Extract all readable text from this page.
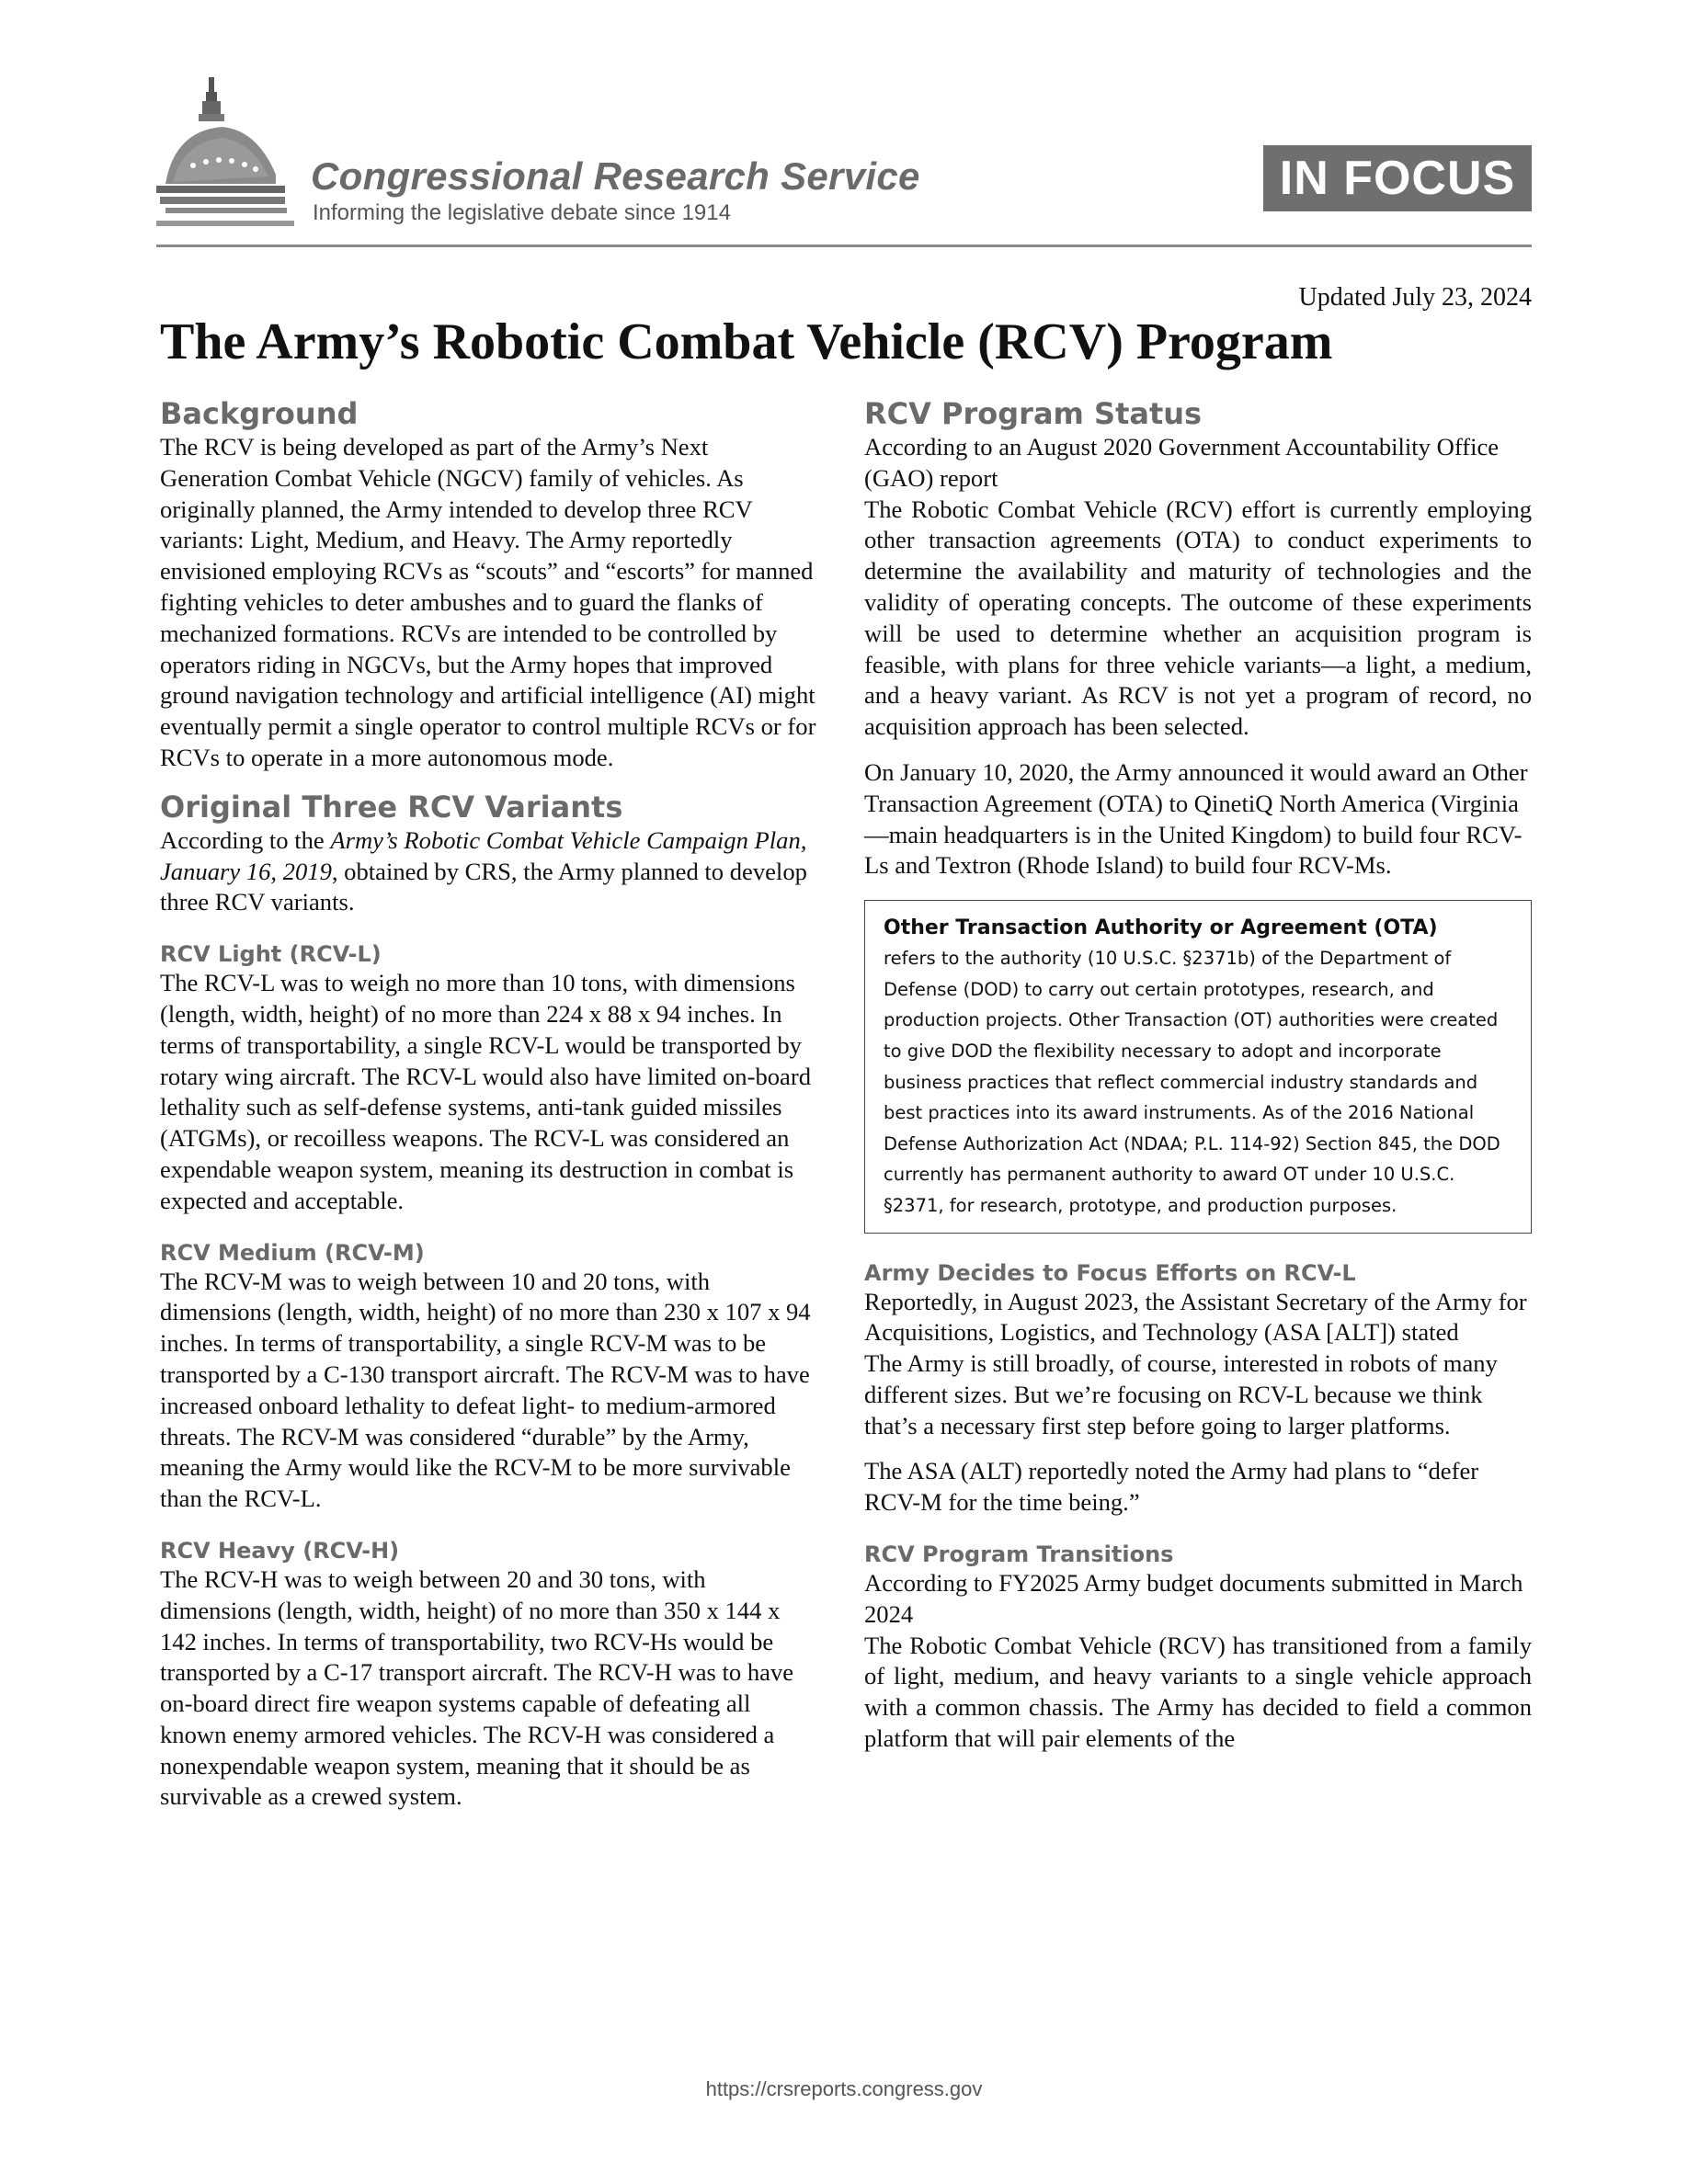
Congressional Research Service
Informing the legislative debate since 1914
IN FOCUS
Updated July 23, 2024
The Army’s Robotic Combat Vehicle (RCV) Program
Background

The RCV is being developed as part of the Army’s Next Generation Combat Vehicle (NGCV) family of vehicles. As originally planned, the Army intended to develop three RCV variants: Light, Medium, and Heavy. The Army reportedly envisioned employing RCVs as “scouts” and “escorts” for manned fighting vehicles to deter ambushes and to guard the flanks of mechanized formations. RCVs are intended to be controlled by operators riding in NGCVs, but the Army hopes that improved ground navigation technology and artificial intelligence (AI) might eventually permit a single operator to control multiple RCVs or for RCVs to operate in a more autonomous mode.

Original Three RCV Variants

According to the Army’s Robotic Combat Vehicle Campaign Plan, January 16, 2019, obtained by CRS, the Army planned to develop three RCV variants.

RCV Light (RCV-L)

The RCV-L was to weigh no more than 10 tons, with dimensions (length, width, height) of no more than 224 x 88 x 94 inches. In terms of transportability, a single RCV-L would be transported by rotary wing aircraft. The RCV-L would also have limited on-board lethality such as self-defense systems, anti-tank guided missiles (ATGMs), or recoilless weapons. The RCV-L was considered an expendable weapon system, meaning its destruction in combat is expected and acceptable.

RCV Medium (RCV-M)

The RCV-M was to weigh between 10 and 20 tons, with dimensions (length, width, height) of no more than 230 x 107 x 94 inches. In terms of transportability, a single RCV-M was to be transported by a C-130 transport aircraft. The RCV-M was to have increased onboard lethality to defeat light- to medium-armored threats. The RCV-M was considered “durable” by the Army, meaning the Army would like the RCV-M to be more survivable than the RCV-L.

RCV Heavy (RCV-H)

The RCV-H was to weigh between 20 and 30 tons, with dimensions (length, width, height) of no more than 350 x 144 x 142 inches. In terms of transportability, two RCV-Hs would be transported by a C-17 transport aircraft. The RCV-H was to have on-board direct fire weapon systems capable of defeating all known enemy armored vehicles. The RCV-H was considered a nonexpendable weapon system, meaning that it should be as survivable as a crewed system.

RCV Program Status

According to an August 2020 Government Accountability Office (GAO) report

The Robotic Combat Vehicle (RCV) effort is currently employing other transaction agreements (OTA) to conduct experiments to determine the availability and maturity of technologies and the validity of operating concepts. The outcome of these experiments will be used to determine whether an acquisition program is feasible, with plans for three vehicle variants—a light, a medium, and a heavy variant. As RCV is not yet a program of record, no acquisition approach has been selected.

On January 10, 2020, the Army announced it would award an Other Transaction Agreement (OTA) to QinetiQ North America (Virginia—main headquarters is in the United Kingdom) to build four RCV-Ls and Textron (Rhode Island) to build four RCV-Ms.

Other Transaction Authority or Agreement (OTA)
refers to the authority (10 U.S.C. §2371b) of the Department of Defense (DOD) to carry out certain prototypes, research, and production projects. Other Transaction (OT) authorities were created to give DOD the flexibility necessary to adopt and incorporate business practices that reflect commercial industry standards and best practices into its award instruments. As of the 2016 National Defense Authorization Act (NDAA; P.L. 114-92) Section 845, the DOD currently has permanent authority to award OT under 10 U.S.C. §2371, for research, prototype, and production purposes.
Army Decides to Focus Efforts on RCV-L

Reportedly, in August 2023, the Assistant Secretary of the Army for Acquisitions, Logistics, and Technology (ASA [ALT]) stated

The Army is still broadly, of course, interested in robots of many different sizes. But we’re focusing on RCV-L because we think that’s a necessary first step before going to larger platforms.

The ASA (ALT) reportedly noted the Army had plans to “defer RCV-M for the time being.”

RCV Program Transitions

According to FY2025 Army budget documents submitted in March 2024

The Robotic Combat Vehicle (RCV) has transitioned from a family of light, medium, and heavy variants to a single vehicle approach with a common chassis. The Army has decided to field a common platform that will pair elements of the

https://crsreports.congress.gov
